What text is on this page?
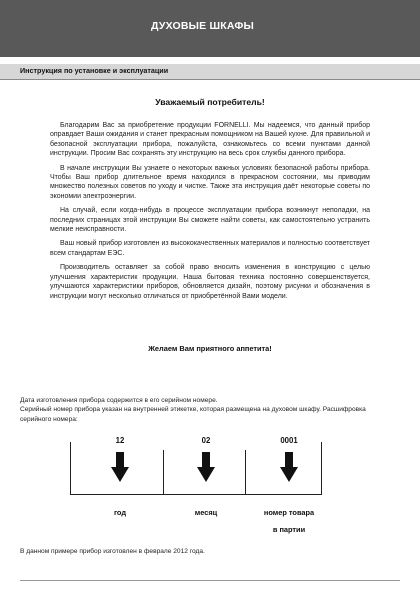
ДУХОВЫЕ ШКАФЫ
Инструкция по установке и эксплуатации
Уважаемый потребитель!

Благодарим Вас за приобретение продукции FORNELLI. Мы надеемся, что данный прибор оправдает Ваши ожидания и станет прекрасным помощником на Вашей кухне. Для правильной и безопасной эксплуатации прибора, пожалуйста, ознакомьтесь со всеми пунктами данной инструкции. Просим Вас сохранять эту инструкцию на весь срок службы данного прибора.

В начале инструкции Вы узнаете о некоторых важных условиях безопасной работы прибора. Чтобы Ваш прибор длительное время находился в прекрасном состоянии, мы приводим множество полезных советов по уходу и чистке. Также эта инструкция даёт некоторые советы по экономии электроэнергии.

На случай, если когда-нибудь в процессе эксплуатации прибора возникнут неполадки, на последних страницах этой инструкции Вы сможете найти советы, как самостоятельно устранить мелкие неисправности.

Ваш новый прибор изготовлен из высококачественных материалов и полностью соответствует всем стандартам ЕЭС.

Производитель оставляет за собой право вносить изменения в конструкцию с целью улучшения характеристик продукции. Наша бытовая техника постоянно совершенствуется, улучшаются характеристики приборов, обновляется дизайн, поэтому рисунки и обозначения в инструкции могут несколько отличаться от приобретённой Вами модели.

Желаем Вам приятного аппетита!

Дата изготовления прибора содержится в его серийном номере.

Серийный номер прибора указан на внутренней этикетке, которая размещена на духовом шкафу. Расшифровка серийного номера:

12	02	0001
год	месяц	номер товара
в партии
В данном примере прибор изготовлен в феврале 2012 года.
